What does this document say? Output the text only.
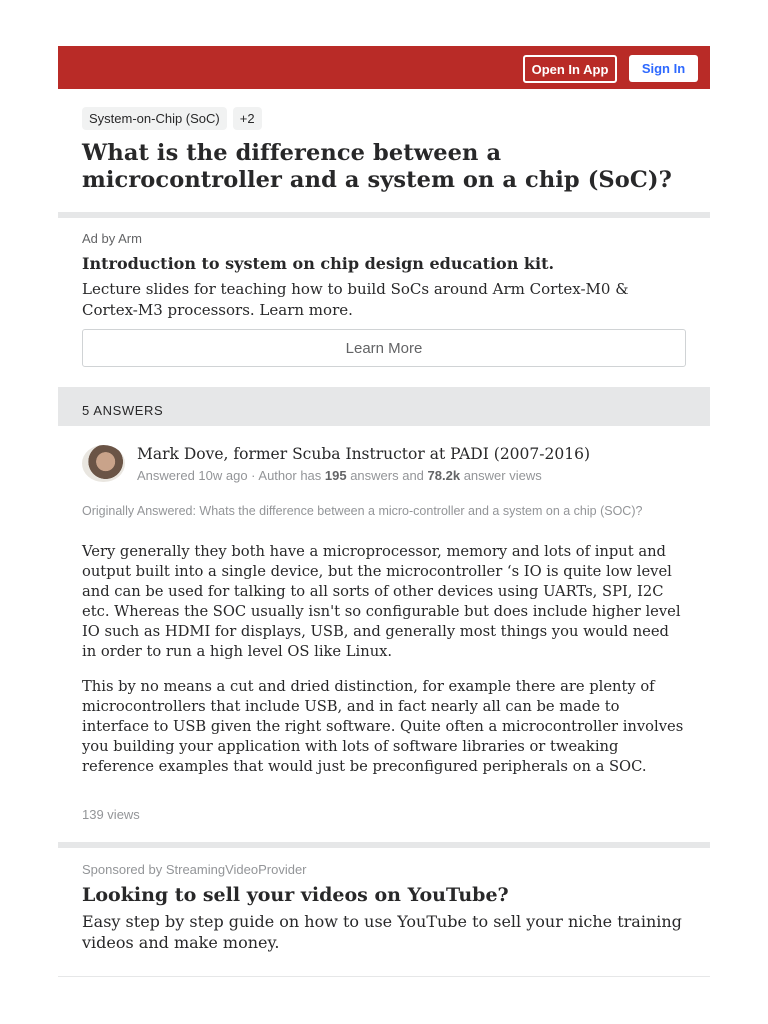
Open In App	Sign In
System-on-Chip (SoC)	+2
What is the difference between a microcontroller and a system on a chip (SoC)?
Ad by Arm
Introduction to system on chip design education kit.
Lecture slides for teaching how to build SoCs around Arm Cortex-M0 & Cortex-M3 processors. Learn more.
Learn More
5 ANSWERS
Mark Dove, former Scuba Instructor at PADI (2007-2016)
Answered 10w ago · Author has 195 answers and 78.2k answer views
Originally Answered: Whats the difference between a micro-controller and a system on a chip (SOC)?

Very generally they both have a microprocessor, memory and lots of input and output built into a single device, but the microcontroller ‘s IO is quite low level and can be used for talking to all sorts of other devices using UARTs, SPI, I2C etc. Whereas the SOC usually isn't so configurable but does include higher level IO such as HDMI for displays, USB, and generally most things you would need in order to run a high level OS like Linux.

This by no means a cut and dried distinction, for example there are plenty of microcontrollers that include USB, and in fact nearly all can be made to interface to USB given the right software. Quite often a microcontroller involves you building your application with lots of software libraries or tweaking reference examples that would just be preconfigured peripherals on a SOC.

139 views
Sponsored by StreamingVideoProvider
Looking to sell your videos on YouTube?
Easy step by step guide on how to use YouTube to sell your niche training videos and make money.
